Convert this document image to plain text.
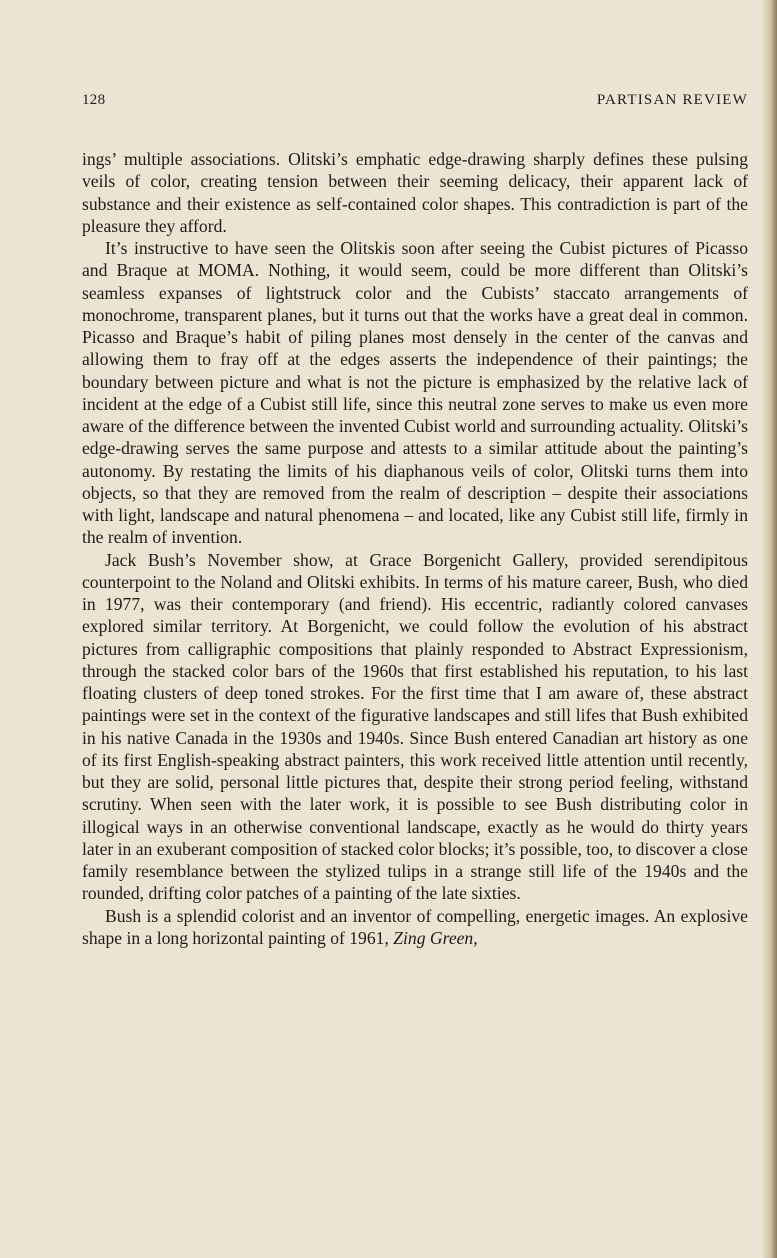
128	PARTISAN REVIEW

ings’ multiple associations. Olitski’s emphatic edge-drawing sharply defines these pulsing veils of color, creating tension between their seeming delicacy, their apparent lack of substance and their existence as self-contained color shapes. This contradiction is part of the pleasure they afford.

It’s instructive to have seen the Olitskis soon after seeing the Cubist pictures of Picasso and Braque at MOMA. Nothing, it would seem, could be more different than Olitski’s seamless expanses of lightstruck color and the Cubists’ staccato arrangements of monochrome, transparent planes, but it turns out that the works have a great deal in common. Picasso and Braque’s habit of piling planes most densely in the center of the canvas and allowing them to fray off at the edges asserts the independence of their paintings; the boundary between picture and what is not the picture is emphasized by the relative lack of incident at the edge of a Cubist still life, since this neutral zone serves to make us even more aware of the difference between the invented Cubist world and surrounding actuality. Olitski’s edge-drawing serves the same purpose and attests to a similar attitude about the painting’s autonomy. By restating the limits of his diaphanous veils of color, Olitski turns them into objects, so that they are removed from the realm of description – despite their associations with light, landscape and natural phenomena – and located, like any Cubist still life, firmly in the realm of invention.

Jack Bush’s November show, at Grace Borgenicht Gallery, provided serendipitous counterpoint to the Noland and Olitski exhibits. In terms of his mature career, Bush, who died in 1977, was their contemporary (and friend). His eccentric, radiantly colored canvases explored similar territory. At Borgenicht, we could follow the evolution of his abstract pictures from calligraphic compositions that plainly responded to Abstract Expressionism, through the stacked color bars of the 1960s that first established his reputation, to his last floating clusters of deep toned strokes. For the first time that I am aware of, these abstract paintings were set in the context of the figurative landscapes and still lifes that Bush exhibited in his native Canada in the 1930s and 1940s. Since Bush entered Canadian art history as one of its first English-speaking abstract painters, this work received little attention until recently, but they are solid, personal little pictures that, despite their strong period feeling, withstand scrutiny. When seen with the later work, it is possible to see Bush distributing color in illogical ways in an otherwise conventional landscape, exactly as he would do thirty years later in an exuberant composition of stacked color blocks; it’s possible, too, to discover a close family resemblance between the stylized tulips in a strange still life of the 1940s and the rounded, drifting color patches of a painting of the late sixties.

Bush is a splendid colorist and an inventor of compelling, energetic images. An explosive shape in a long horizontal painting of 1961, Zing Green,
